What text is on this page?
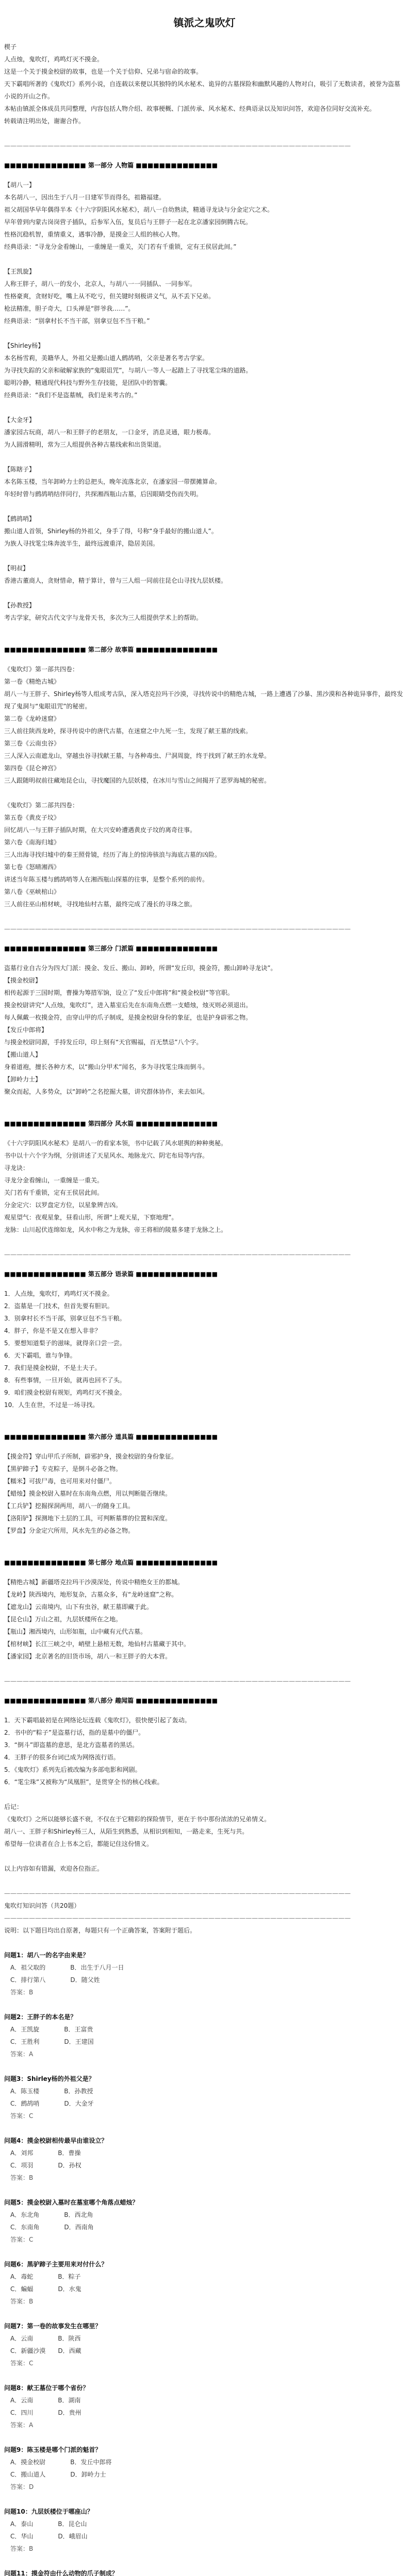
镇派之鬼吹灯
楔子
人点烛，鬼吹灯，鸡鸣灯灭不摸金。
这是一个关于摸金校尉的故事，也是一个关于信仰、兄弟与宿命的故事。
天下霸唱所著的《鬼吹灯》系列小说，自连载以来便以其独特的风水秘术、诡异的古墓探险和幽默风趣的人物对白，吸引了无数读者，被誉为盗墓小说的开山之作。
本帖由镇派全体成员共同整理，内容包括人物介绍、故事梗概、门派传承、风水秘术、经典语录以及知识问答，欢迎各位同好交流补充。
转载请注明出处，谢谢合作。
————————————————————————————————————————————————————————
■■■■■■■■■■■■■■ 第一部分 人物篇 ■■■■■■■■■■■■■■
【胡八一】
本名胡八一，因出生于八月一日建军节而得名，祖籍福建。
祖父胡国华早年偶得半本《十六字阴阳风水秘术》，胡八一自幼熟读，精通寻龙诀与分金定穴之术。
早年曾到内蒙古岗岗营子插队，后参军入伍，复员后与王胖子一起在北京潘家园倒腾古玩。
性格沉稳机智，重情重义，遇事冷静，是摸金三人组的核心人物。
经典语录：“寻龙分金看缠山，一重缠是一重关，关门若有千重锁，定有王侯居此间。”
【王凯旋】
人称王胖子，胡八一的发小，北京人，与胡八一一同插队、一同参军。
性格豪爽，贪财好吃，嘴上从不吃亏，但关键时刻极讲义气，从不丢下兄弟。
枪法精准，胆子奇大，口头禅是“胖爷我……”。
经典语录：“别拿村长不当干部，别拿豆包不当干粮。”
【Shirley杨】
本名杨雪莉，美籍华人，外祖父是搬山道人鹧鸪哨，父亲是著名考古学家。
为寻找失踪的父亲和破解家族的“鬼眼诅咒”，与胡八一等人一起踏上了寻找雮尘珠的道路。
聪明冷静，精通现代科技与野外生存技能，是团队中的智囊。
经典语录：“我们不是盗墓贼，我们是来考古的。”
【大金牙】
潘家园古玩商，胡八一和王胖子的老朋友，一口金牙，消息灵通，眼力极毒。
为人圆滑精明，常为三人组提供各种古墓线索和出货渠道。
【陈瞎子】
本名陈玉楼，当年卸岭力士的总把头，晚年流落北京，在潘家园一带摆摊算命。
年轻时曾与鹧鸪哨结伴同行，共探湘西瓶山古墓，后因眼睛受伤而失明。
【鹧鸪哨】
搬山道人首领，Shirley杨的外祖父，身手了得，号称“身手最好的搬山道人”。
为族人寻找雮尘珠奔波半生，最终远渡重洋，隐居美国。
【明叔】
香港古董商人，贪财惜命，精于算计，曾与三人组一同前往昆仑山寻找九层妖楼。
【孙教授】
考古学家，研究古代文字与龙骨天书，多次为三人组提供学术上的帮助。
■■■■■■■■■■■■■■ 第二部分 故事篇 ■■■■■■■■■■■■■■
《鬼吹灯》第一部共四卷：
第一卷《精绝古城》
胡八一与王胖子、Shirley杨等人组成考古队，深入塔克拉玛干沙漠，寻找传说中的精绝古城，一路上遭遇了沙暴、黑沙漠和各种诡异事件，最终发现了鬼洞与“鬼眼诅咒”的秘密。
第二卷《龙岭迷窟》
三人前往陕西龙岭，探寻传说中的唐代古墓，在迷窟之中九死一生，发现了献王墓的线索。
第三卷《云南虫谷》
三人深入云南遮龙山，穿越虫谷寻找献王墓，与各种毒虫、尸洞周旋，终于找到了献王的水龙晕。
第四卷《昆仑神宫》
三人跟随明叔前往藏地昆仑山，寻找魔国的九层妖楼，在冰川与雪山之间揭开了恶罗海城的秘密。
《鬼吹灯》第二部共四卷：
第五卷《黄皮子坟》
回忆胡八一与王胖子插队时期，在大兴安岭遭遇黄皮子坟的离奇往事。
第六卷《南海归墟》
三人出海寻找归墟中的秦王照骨镜，经历了海上的惊涛骇浪与海底古墓的凶险。
第七卷《怒晴湘西》
讲述当年陈玉楼与鹧鸪哨等人在湘西瓶山探墓的往事，是整个系列的前传。
第八卷《巫峡棺山》
三人前往巫山棺材峡，寻找地仙村古墓，最终完成了漫长的寻珠之旅。
————————————————————————————————————————————————————————
■■■■■■■■■■■■■■ 第三部分 门派篇 ■■■■■■■■■■■■■■
盗墓行业自古分为四大门派：摸金、发丘、搬山、卸岭，所谓“发丘印，摸金符，搬山卸岭寻龙诀”。
【摸金校尉】
相传起源于三国时期，曹操为筹措军饷，设立了“发丘中郎将”和“摸金校尉”等官职。
摸金校尉讲究“人点烛，鬼吹灯”，进入墓室后先在东南角点燃一支蜡烛，烛灭则必须退出。
每人佩戴一枚摸金符，由穿山甲的爪子制成，是摸金校尉身份的象征，也是护身辟邪之物。
【发丘中郎将】
与摸金校尉同源，手持发丘印，印上刻有“天官赐福，百无禁忌”八个字。
【搬山道人】
身着道袍，擅长各种方术，以“搬山分甲术”闻名，多为寻找雮尘珠而倒斗。
【卸岭力士】
聚众而起，人多势众，以“卸岭”之名挖掘大墓，讲究群体协作，来去如风。
■■■■■■■■■■■■■■ 第四部分 风水篇 ■■■■■■■■■■■■■■
《十六字阴阳风水秘术》是胡八一的看家本领，书中记载了风水堪舆的种种奥秘。
书中以十六个字为纲，分别讲述了天星风水、地脉龙穴、阴宅布局等内容。
寻龙诀：
寻龙分金看缠山，一重缠是一重关。
关门若有千重锁，定有王侯居此间。
分金定穴：以罗盘定方位，以星象辨吉凶。
观星望气：夜观星象，昼看山形，所谓“上观天星，下察地理”。
龙脉：山川起伏连绵如龙，风水中称之为龙脉，帝王将相的陵墓多建于龙脉之上。
————————————————————————————————————————————————————————
■■■■■■■■■■■■■■ 第五部分 语录篇 ■■■■■■■■■■■■■■
1．人点烛，鬼吹灯，鸡鸣灯灭不摸金。
2．盗墓是一门技术，但首先要有胆识。
3．别拿村长不当干部，别拿豆包不当干粮。
4．胖子，你是不是又在想入非非？
5．要想知道梨子的滋味，就得亲口尝一尝。
6．天下霸唱，谁与争锋。
7．我们是摸金校尉，不是土夫子。
8．有些事情，一旦开始，就再也回不了头。
9．咱们摸金校尉有规矩，鸡鸣灯灭不摸金。
10．人生在世，不过是一场寻找。
■■■■■■■■■■■■■■ 第六部分 道具篇 ■■■■■■■■■■■■■■
【摸金符】穿山甲爪子所制，辟邪护身，摸金校尉的身份象征。
【黑驴蹄子】专克粽子，是倒斗必备之物。
【糯米】可拔尸毒，也可用来对付僵尸。
【蜡烛】摸金校尉入墓时在东南角点燃，用以判断能否继续。
【工兵铲】挖掘探洞两用，胡八一的随身工具。
【洛阳铲】探测地下土层的工具，可判断墓葬的位置和深度。
【罗盘】分金定穴所用，风水先生的必备之物。
■■■■■■■■■■■■■■ 第七部分 地点篇 ■■■■■■■■■■■■■■
【精绝古城】新疆塔克拉玛干沙漠深处，传说中精绝女王的都城。
【龙岭】陕西境内，地形复杂，古墓众多，有“龙岭迷窟”之称。
【遮龙山】云南境内，山下有虫谷，献王墓即藏于此。
【昆仑山】万山之祖，九层妖楼所在之地。
【瓶山】湘西境内，山形如瓶，山中藏有元代古墓。
【棺材峡】长江三峡之中，峭壁上悬棺无数，地仙村古墓藏于其中。
【潘家园】北京著名的旧货市场，胡八一和王胖子的大本营。
————————————————————————————————————————————————————————
■■■■■■■■■■■■■■ 第八部分 趣闻篇 ■■■■■■■■■■■■■■
1．天下霸唱最初是在网络论坛连载《鬼吹灯》，很快便引起了轰动。
2．书中的“粽子”是盗墓行话，指的是墓中的僵尸。
3．“倒斗”即盗墓的意思，是北方盗墓者的黑话。
4．王胖子的很多台词已成为网络流行语。
5．《鬼吹灯》系列先后被改编为多部电影和网剧。
6．“雮尘珠”又被称为“凤凰胆”，是贯穿全书的核心线索。
后记：
《鬼吹灯》之所以能够长盛不衰，不仅在于它精彩的探险情节，更在于书中那份浓浓的兄弟情义。
胡八一、王胖子和Shirley杨三人，从陌生到熟悉，从相识到相知，一路走来，生死与共。
希望每一位读者在合上书本之后，都能记住这份情义。
以上内容如有错漏，欢迎各位指正。
————————————————————————————————————————————————————————
鬼吹灯知识问答（共20题）
————————————————————————————————————————————————————————
说明：以下题目均出自原著，每题只有一个正确答案，答案附于题后。
问题1：胡八一的名字由来是？
A．祖父取的　　　　B．出生于八月一日
C．排行第八　　　　D．随父姓
答案：B
问题2：王胖子的本名是？
A．王凯旋　　　　B．王富贵
C．王胜利　　　　D．王建国
答案：A
问题3：Shirley杨的外祖父是？
A．陈玉楼　　　　B．孙教授
C．鹧鸪哨　　　　D．大金牙
答案：C
问题4：摸金校尉相传最早由谁设立？
A．刘邦　　　　B．曹操
C．项羽　　　　D．孙权
答案：B
问题5：摸金校尉入墓时在墓室哪个角落点蜡烛？
A．东北角　　　　B．西北角
C．东南角　　　　D．西南角
答案：C
问题6：黑驴蹄子主要用来对付什么？
A．毒蛇　　　　B．粽子
C．蝙蝠　　　　D．水鬼
答案：B
问题7：第一卷的故事发生在哪里？
A．云南　　　　B．陕西
C．新疆沙漠　　D．西藏
答案：C
问题8：献王墓位于哪个省份？
A．云南　　　　B．湖南
C．四川　　　　D．贵州
答案：A
问题9：陈玉楼是哪个门派的魁首？
A．摸金校尉　　　　B．发丘中郎将
C．搬山道人　　　　D．卸岭力士
答案：D
问题10：九层妖楼位于哪座山？
A．泰山　　　　B．昆仑山
C．华山　　　　D．峨眉山
答案：B
问题11：摸金符由什么动物的爪子制成？
